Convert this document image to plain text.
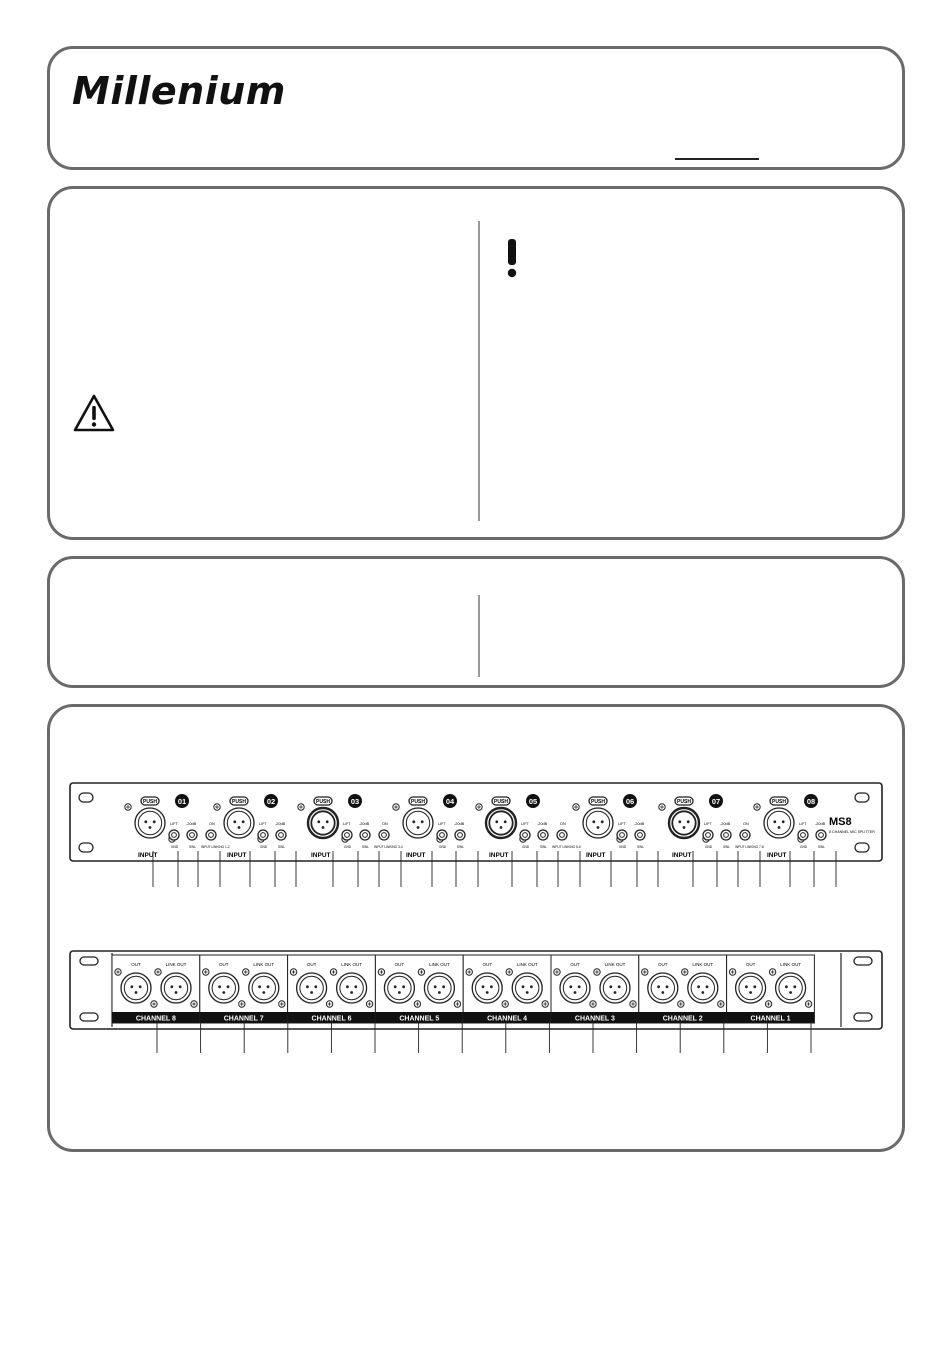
Millenium
MS8
8 CHANNEL MIC SPLITTER
PUSH	01
INPUT
LIFT -20dB
GND	SWL
ON
INPUT LINKING 1-2
PUSH	02
INPUT
LIFT -20dB
GND	SWL
PUSH	03
INPUT
LIFT -20dB
GND	SWL
ON
INPUT LINKING 3-4
PUSH	04
INPUT
LIFT -20dB
GND	SWL
PUSH	05
INPUT
LIFT -20dB
GND	SWL
ON
INPUT LINKING 5-6
PUSH	06
INPUT
LIFT -20dB
GND	SWL
PUSH	07
INPUT
LIFT -20dB
GND	SWL
ON
INPUT LINKING 7-8
PUSH	08
INPUT
LIFT -20dB
GND	SWL
CHANNEL 8
OUT	LINK OUT
CHANNEL 7
OUT	LINK OUT
CHANNEL 6
OUT	LINK OUT
CHANNEL 5
OUT	LINK OUT
CHANNEL 4
OUT	LINK OUT
CHANNEL 3
OUT	LINK OUT
CHANNEL 2
OUT	LINK OUT
CHANNEL 1
OUT	LINK OUT
